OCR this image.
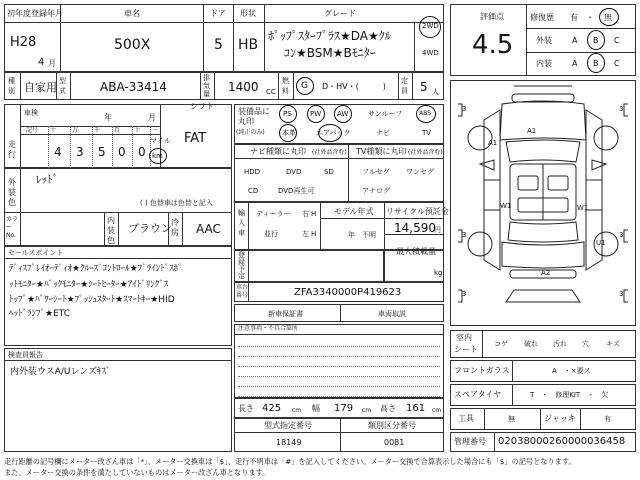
初年度登録年月
H28
4 月
車名
500X
ドア
5
形状
HB
グレード
ﾎﾟｯﾌﾟｽﾀｰﾌﾟﾗｽ★DA★ｸﾙ
ｺﾝ★BSM★Bﾓﾆﾀｰ
2WD
4WD
種別 自家用 型式	ABA-33414
排気量 1400 CC
燃料 G D・HV・(　　　)
定員 5 人
評価点
4.5
修復歴 有 ・ 無
外装	A B C
内装	A B C
車検	年	月
走行
記号 十	万	千 百 十 一
4 3 5 0 0
マイル
km
シフト
FAT
装備品に
丸印
(純正のみ)
PS	PW AW	サンルーフ	ABS
本革	エアバック	ナビ	TV
ナビ種類に丸印 (社外品含む)
HDD	DVD	SD
CD	DVD再生可
TV種類に丸印 (社外品含む)
フルセグ ワンセグ
アナログ
外装色
ﾚｯﾄﾞ
( ) 色替車は色替と記入
カラーNo.
内装色
ブラウン 冷房 AAC
輸入車
ディーラー
並行
右 H
左 H
モデル年式
年　不明
リサイクル預託金
14,590
円
最大積載量
kg
登録予定
車台番号	ZFA3340000P419623
新車保証書	車両取説
セールスポイント
ﾃﾞｨｽﾌﾟﾚｲｵｰﾃﾞｨｵ★ｸﾙｰｽﾞｺﾝﾄﾛｰﾙ★ﾌﾞﾗｲﾝﾄﾞｽﾎﾟ
ｯﾄﾓﾆﾀｰ★ﾊﾞｯｸﾓﾆﾀｰ★ｼｰﾄﾋｰﾀｰ★ｱｲﾄﾞﾘﾝｸﾞｽ
ﾄｯﾌﾟ★ﾊﾟﾜｰｼｰﾄ★ﾌﾟｯｼｭｽﾀｰﾄ★ｽﾏｰﾄｷｰ★HID
ﾍｯﾄﾞﾗﾝﾌﾟ★ETC
検査員報告
内外装ウスA/Uレンズｷｽﾞ
注意事項・不具合箇所
長さ 425 cm 幅 179 cm 高さ 161 cm
型式指定番号
18149
類別区分番号
0081
A1
A1
W1	W1
U1
A2
3	3
3	3
3	3
室内
シート
コゲ 破れ 汚れ 穴 キズ
フロントガラス	A　・×要ス
スペアタイヤ	T　・　修理KIT　・　欠
工具	無	ジャッキ	有
管理番号 02038000260000036458
走行距離の記号欄にメーター改ざん車は「*」、メーター交換車は「$」、走行不明車は「#」を記入してください。メーター交換で合算表示した場合にも「$」の記号となります。
また、メーター交換の条件を満たしていないものはメーター改ざん車となります。
